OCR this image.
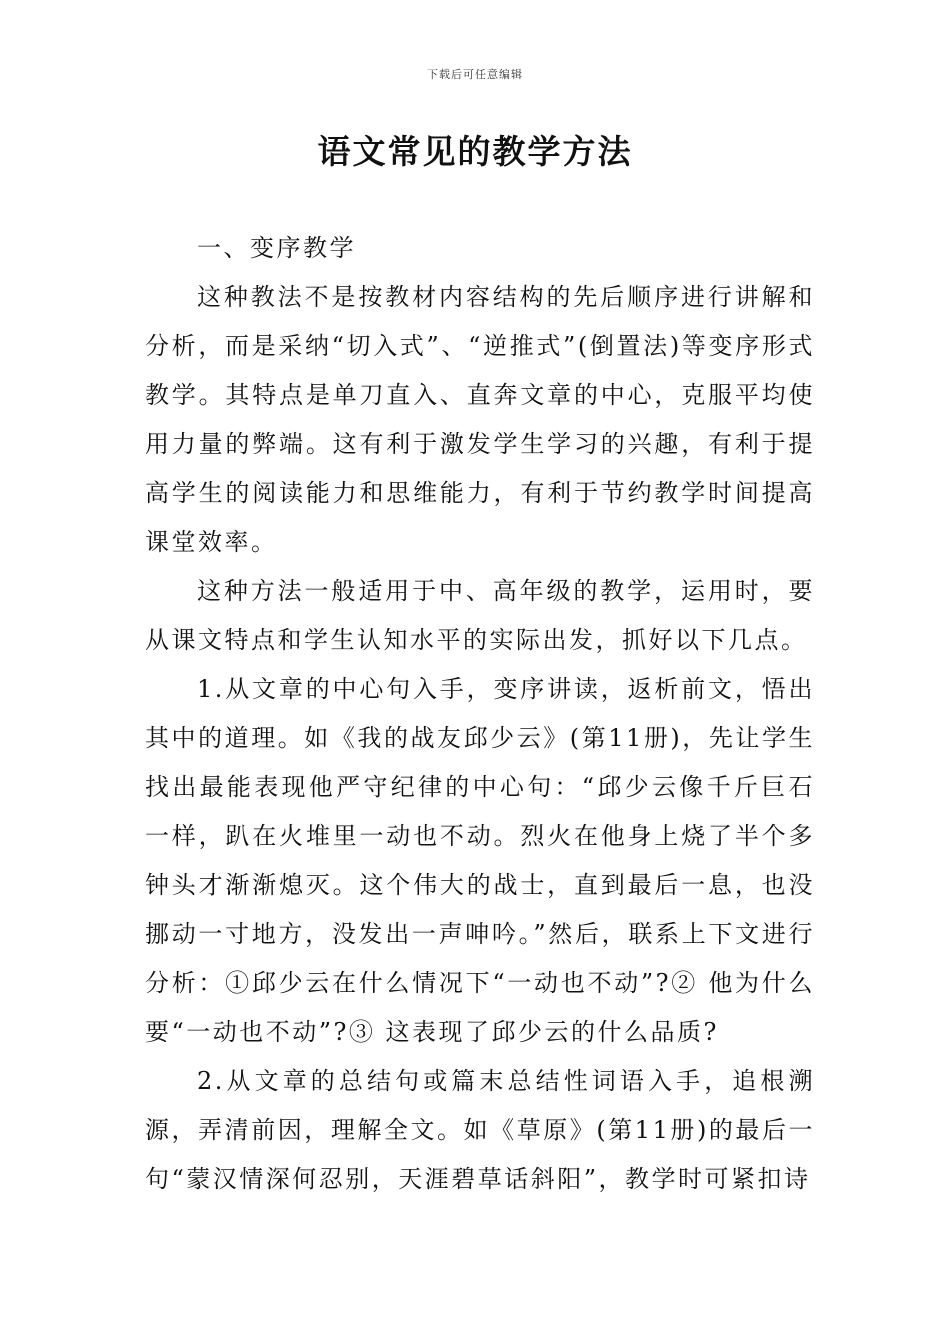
下载后可任意编辑
语文常见的教学方法

一、变序教学

这种教法不是按教材内容结构的先后顺序进行讲解和分析，而是采纳“切入式”、“逆推式”(倒置法)等变序形式教学。其特点是单刀直入、直奔文章的中心，克服平均使用力量的弊端。这有利于激发学生学习的兴趣，有利于提高学生的阅读能力和思维能力，有利于节约教学时间提高课堂效率。

这种方法一般适用于中、高年级的教学，运用时，要从课文特点和学生认知水平的实际出发，抓好以下几点。

1.从文章的中心句入手，变序讲读，返析前文，悟出其中的道理。如《我的战友邱少云》(第11册)，先让学生找出最能表现他严守纪律的中心句：“邱少云像千斤巨石一样，趴在火堆里一动也不动。烈火在他身上烧了半个多钟头才渐渐熄灭。这个伟大的战士，直到最后一息，也没挪动一寸地方，没发出一声呻吟。”然后，联系上下文进行分析：①邱少云在什么情况下“一动也不动”?② 他为什么要“一动也不动”?③ 这表现了邱少云的什么品质?

2.从文章的总结句或篇末总结性词语入手，追根溯源，弄清前因，理解全文。如《草原》(第11册)的最后一句“蒙汉情深何忍别，天涯碧草话斜阳”，教学时可紧扣诗
